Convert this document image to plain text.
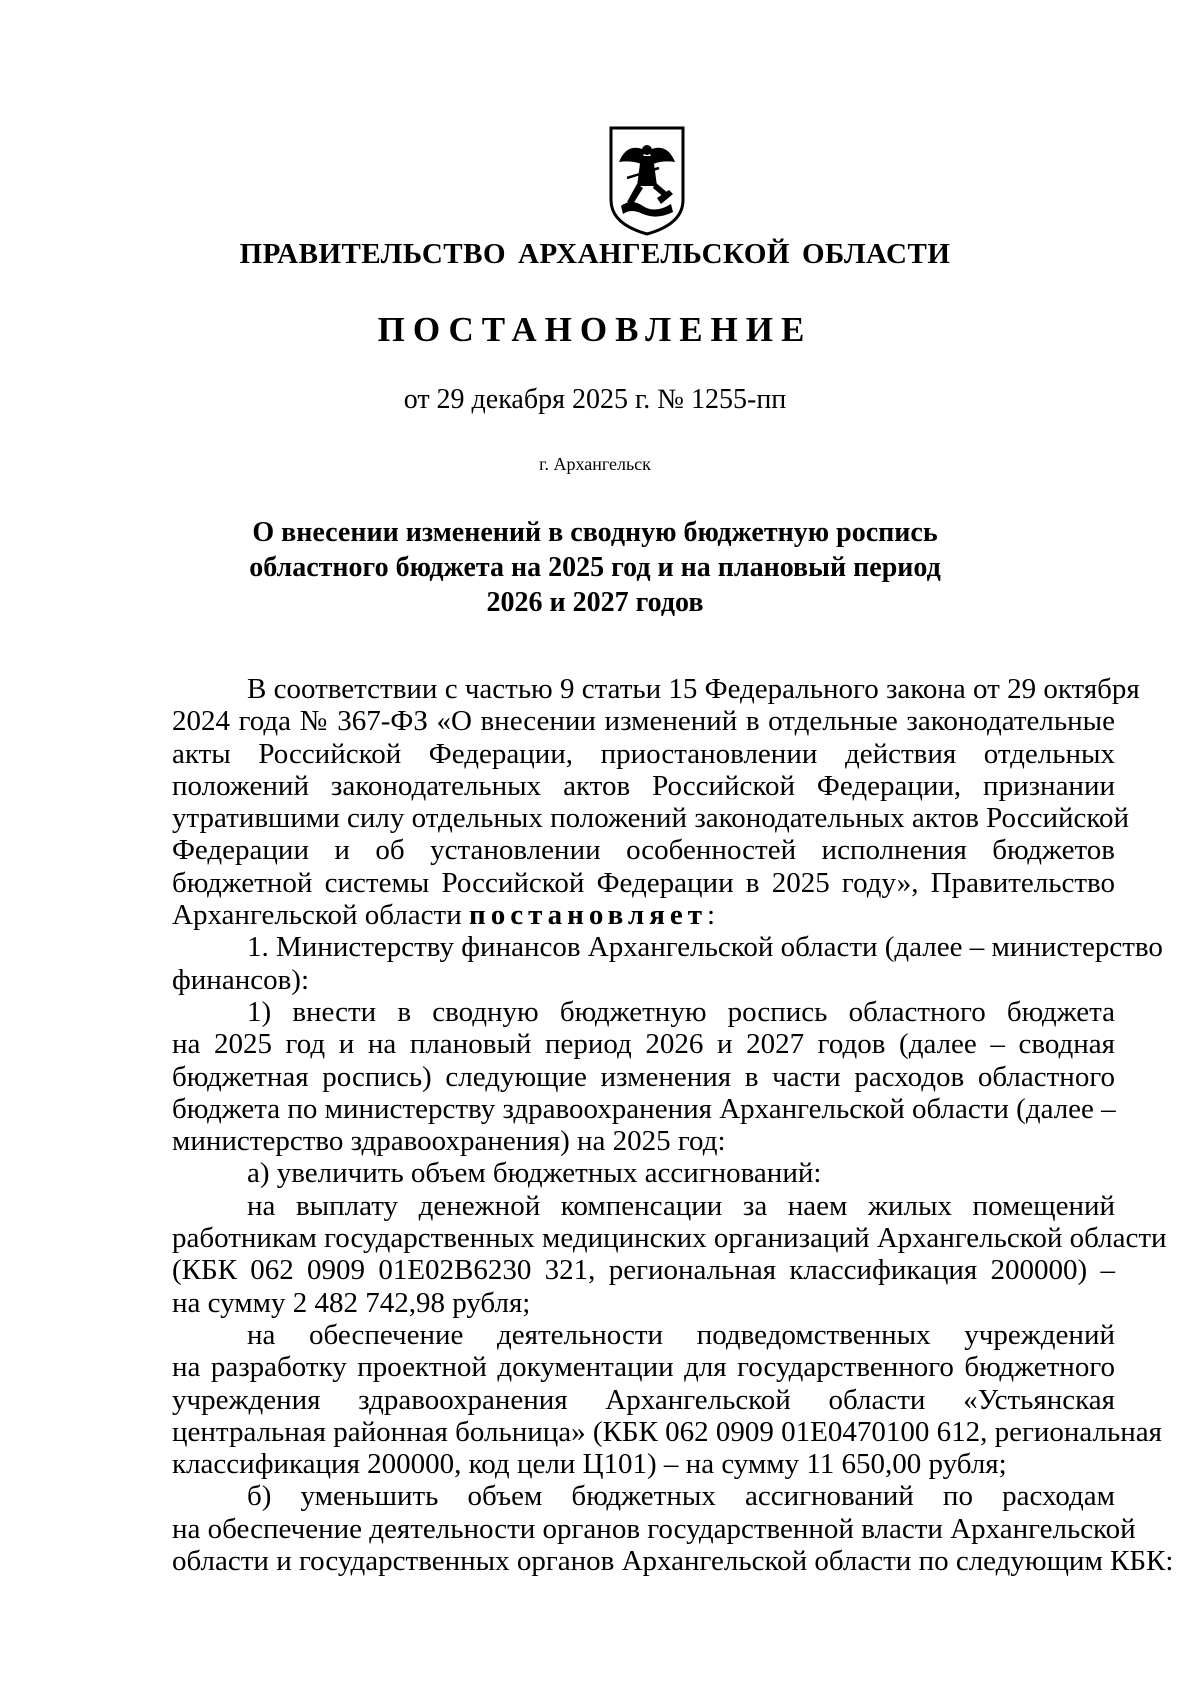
ПРАВИТЕЛЬСТВО АРХАНГЕЛЬСКОЙ ОБЛАСТИ
ПОСТАНОВЛЕНИЕ
от 29 декабря 2025 г. № 1255-пп
г. Архангельск
О внесении изменений в сводную бюджетную роспись
областного бюджета на 2025 год и на плановый период
2026 и 2027 годов
В соответствии с частью 9 статьи 15 Федерального закона от 29 октября
2024 года № 367-ФЗ «О внесении изменений в отдельные законодательные
акты Российской Федерации, приостановлении действия отдельных
положений законодательных актов Российской Федерации, признании
утратившими силу отдельных положений законодательных актов Российской
Федерации и об установлении особенностей исполнения бюджетов
бюджетной системы Российской Федерации в 2025 году», Правительство
Архангельской области постановляет:
1. Министерству финансов Архангельской области (далее – министерство
финансов):
1) внести в сводную бюджетную роспись областного бюджета
на 2025 год и на плановый период 2026 и 2027 годов (далее – сводная
бюджетная роспись) следующие изменения в части расходов областного
бюджета по министерству здравоохранения Архангельской области (далее –
министерство здравоохранения) на 2025 год:
а) увеличить объем бюджетных ассигнований:
на выплату денежной компенсации за наем жилых помещений
работникам государственных медицинских организаций Архангельской области
(КБК 062 0909 01Е02В6230 321, региональная классификация 200000) –
на сумму 2 482 742,98 рубля;
на обеспечение деятельности подведомственных учреждений
на разработку проектной документации для государственного бюджетного
учреждения здравоохранения Архангельской области «Устьянская
центральная районная больница» (КБК 062 0909 01Е0470100 612, региональная
классификация 200000, код цели Ц101) – на сумму 11 650,00 рубля;
б) уменьшить объем бюджетных ассигнований по расходам
на обеспечение деятельности органов государственной власти Архангельской
области и государственных органов Архангельской области по следующим КБК:
